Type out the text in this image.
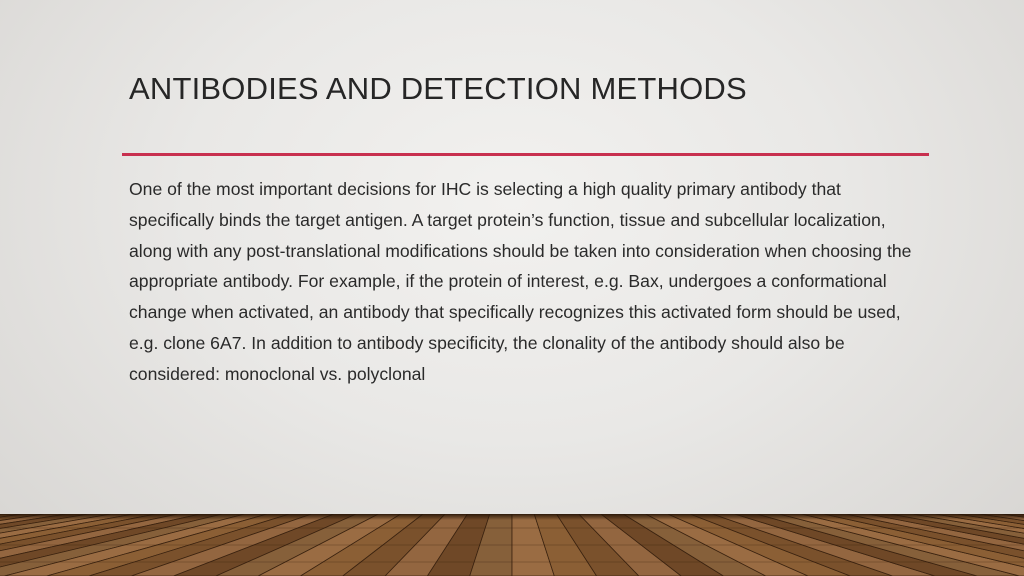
ANTIBODIES AND DETECTION METHODS

One of the most important decisions for IHC is selecting a high quality primary antibody that specifically binds the target antigen. A target protein’s function, tissue and subcellular localization, along with any post-translational modifications should be taken into consideration when choosing the appropriate antibody. For example, if the protein of interest, e.g. Bax, undergoes a conformational change when activated, an antibody that specifically recognizes this activated form should be used, e.g. clone 6A7. In addition to antibody specificity, the clonality of the antibody should also be considered: monoclonal vs. polyclonal
